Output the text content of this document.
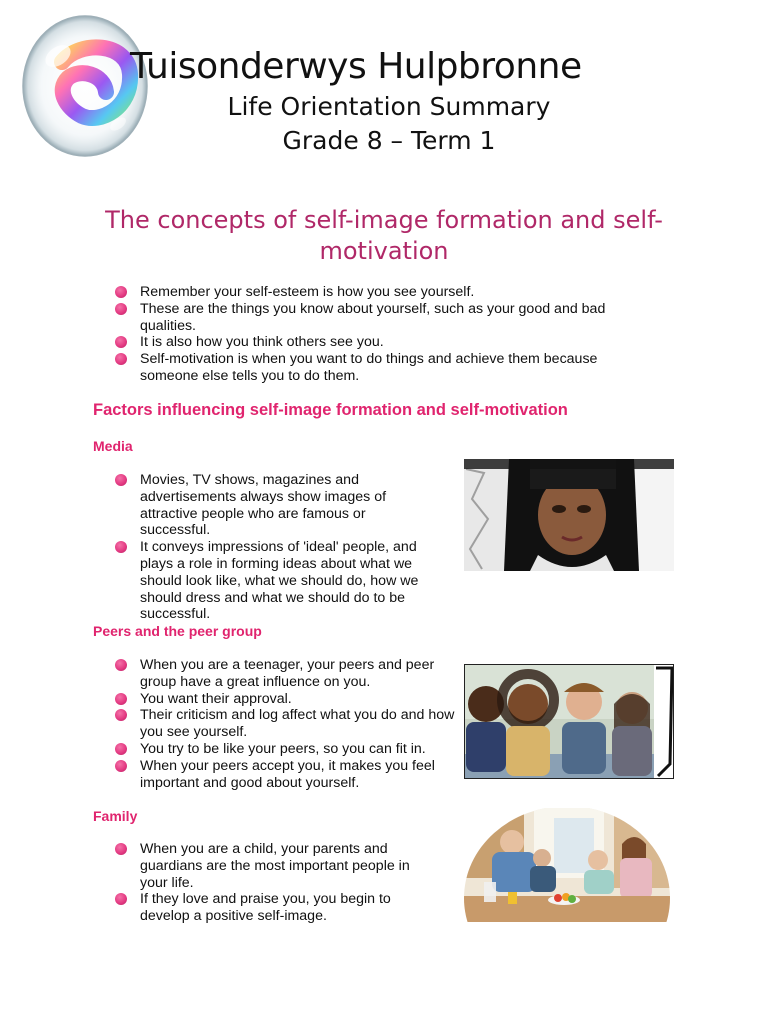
Tuisonderwys Hulpbronne
Life Orientation Summary
Grade 8 – Term 1
The concepts of self-image formation and self-motivation
Remember your self-esteem is how you see yourself.
These are the things you know about yourself, such as your good and bad qualities.
It is also how you think others see you.
Self-motivation is when you want to do things and achieve them because someone else tells you to do them.
Factors influencing self-image formation and self-motivation
Media
Movies, TV shows, magazines and advertisements always show images of attractive people who are famous or successful.
It conveys impressions of 'ideal' people, and plays a role in forming ideas about what we should look like, what we should do, how we should dress and what we should do to be successful.
Peers and the peer group
When you are a teenager, your peers and peer group have a great influence on you.
You want their approval.
Their criticism and log affect what you do and how you see yourself.
You try to be like your peers, so you can fit in.
When your peers accept you, it makes you feel important and good about yourself.
Family
When you are a child, your parents and guardians are the most important people in your life.
If they love and praise you, you begin to develop a positive self-image.
